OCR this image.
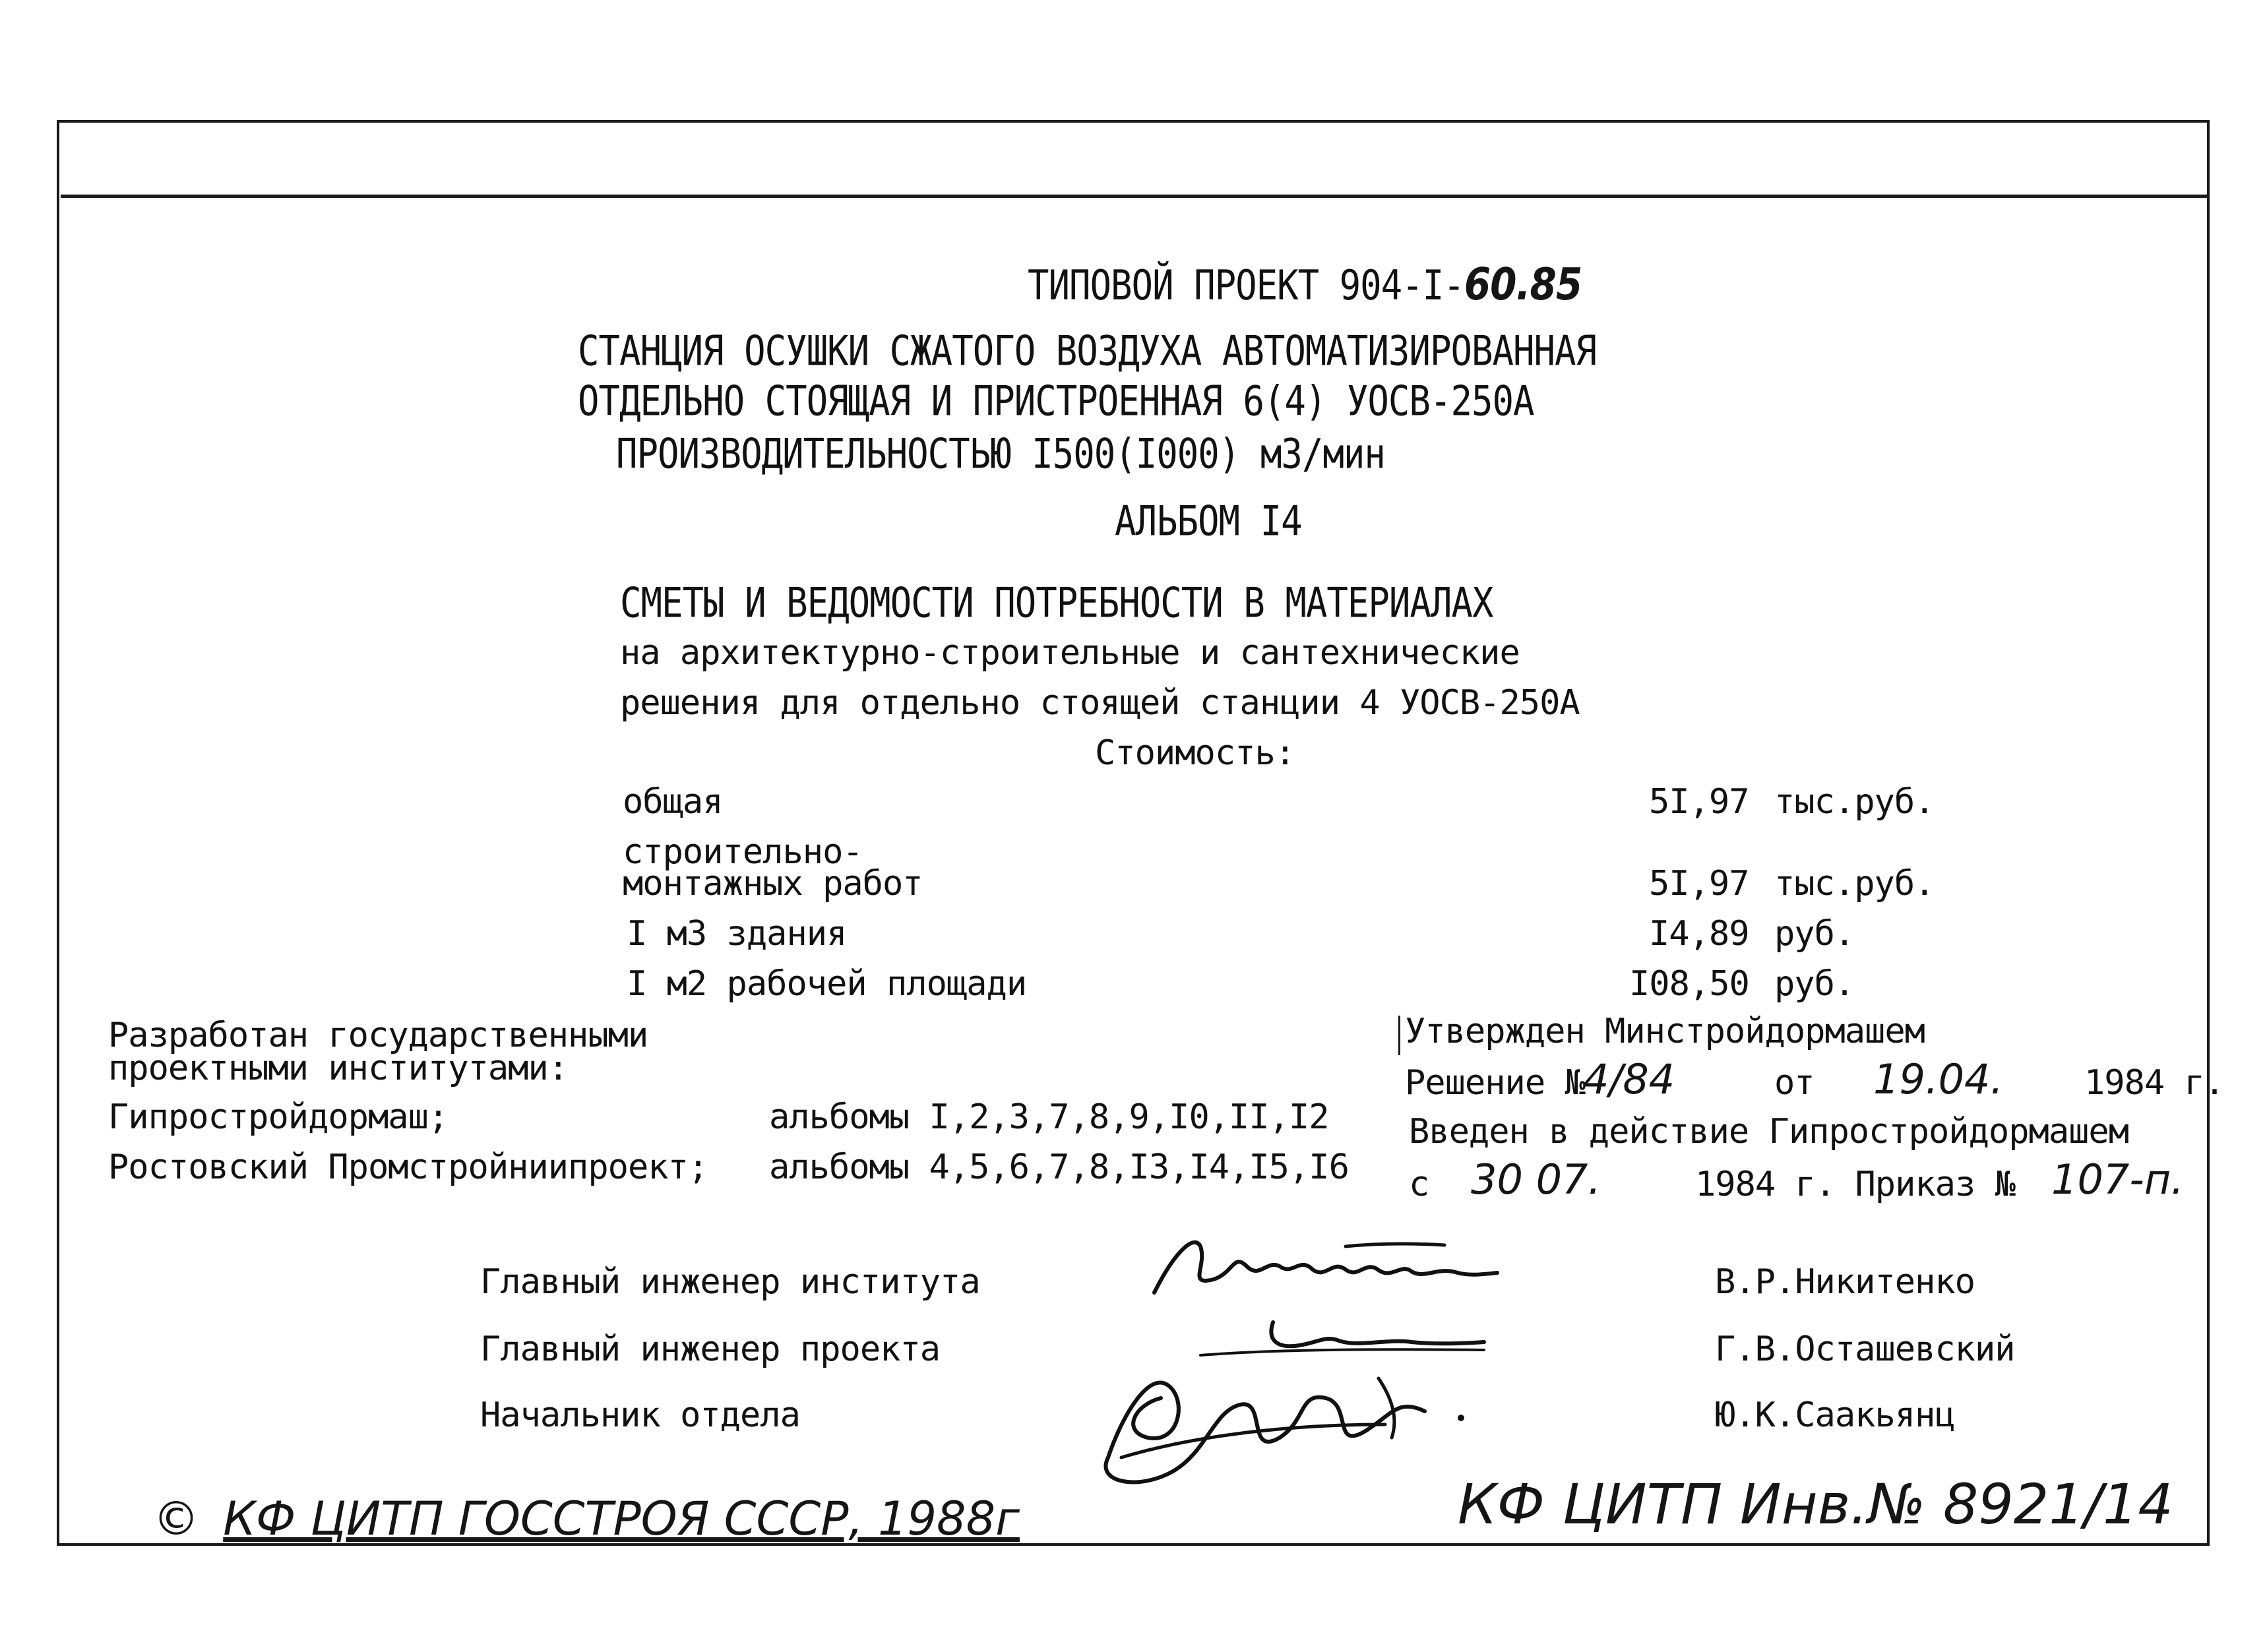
ТИПОВОЙ ПРОЕКТ 904-I-60.85
СТАНЦИЯ ОСУШКИ СЖАТОГО ВОЗДУХА АВТОМАТИЗИРОВАННАЯ
ОТДЕЛЬНО СТОЯЩАЯ И ПРИСТРОЕННАЯ 6(4) УОСВ-250А
ПРОИЗВОДИТЕЛЬНОСТЬЮ I500(I000) м3/мин
АЛЬБОМ I4
СМЕТЫ И ВЕДОМОСТИ ПОТРЕБНОСТИ В МАТЕРИАЛАХ
на архитектурно-строительные и сантехнические
решения для отдельно стоящей станции 4 УОСВ-250А
Стоимость:
общая	5I,97 тыс.руб.
строительно-
монтажных работ	5I,97 тыс.руб.
I м3 здания	I4,89 руб.
I м2 рабочей площади	I08,50 руб.
Разработан государственными
проектными институтами:
Гипростройдормаш;	альбомы I,2,3,7,8,9,I0,II,I2
Ростовский Промстройниипроект; альбомы 4,5,6,7,8,I3,I4,I5,I6
Утвержден Минстройдормашем
Решение №
4/84	от 19.04. 1984 г.
Введен в действие Гипростройдормашем
с 30 07.	1984 г. Приказ № 107-п.
Главный инженер института	В.Р.Никитенко
Главный инженер проекта	Г.В.Осташевский
Начальник отдела	Ю.К.Саакьянц
© КФ ЦИТП ГОССТРОЯ СССР, 1988г	КФ ЦИТП Инв.№ 8921/14
